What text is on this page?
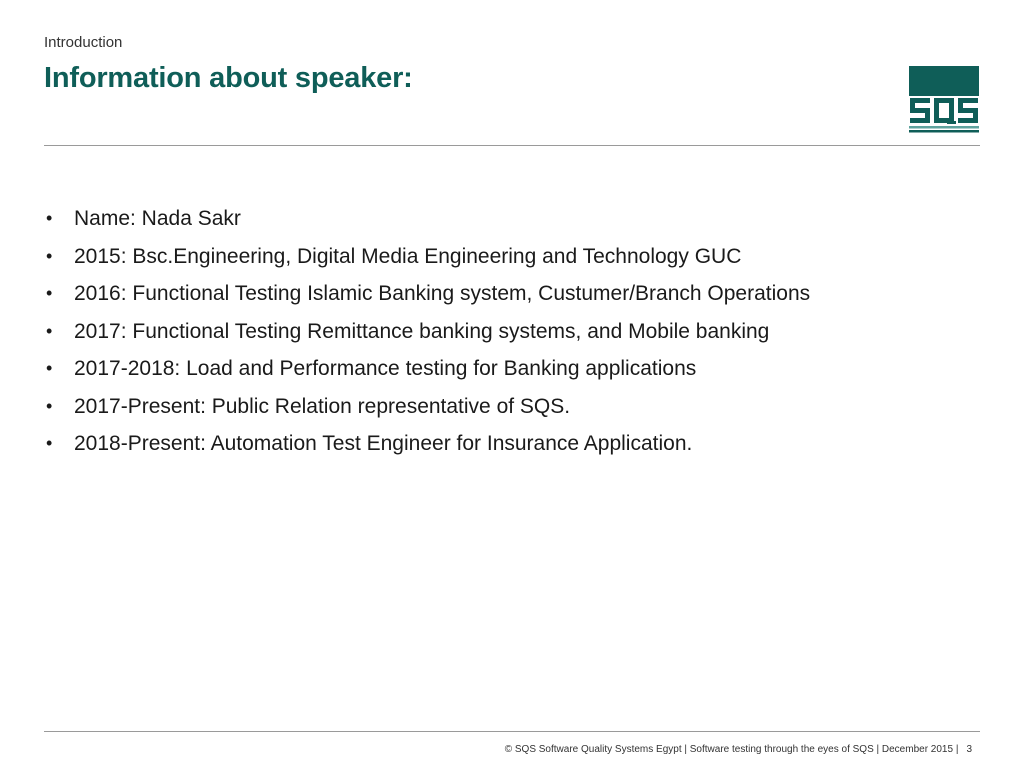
Introduction
Information about speaker:
• Name: Nada Sakr
• 2015: Bsc.Engineering, Digital Media Engineering and Technology GUC
• 2016: Functional Testing Islamic Banking system, Custumer/Branch Operations
• 2017: Functional Testing Remittance banking systems, and Mobile banking
• 2017-2018: Load and Performance testing for Banking applications
• 2017-Present: Public Relation representative of SQS.
• 2018-Present: Automation Test Engineer for Insurance Application.
© SQS Software Quality Systems Egypt | Software testing through the eyes of SQS | December 2015 | 3
